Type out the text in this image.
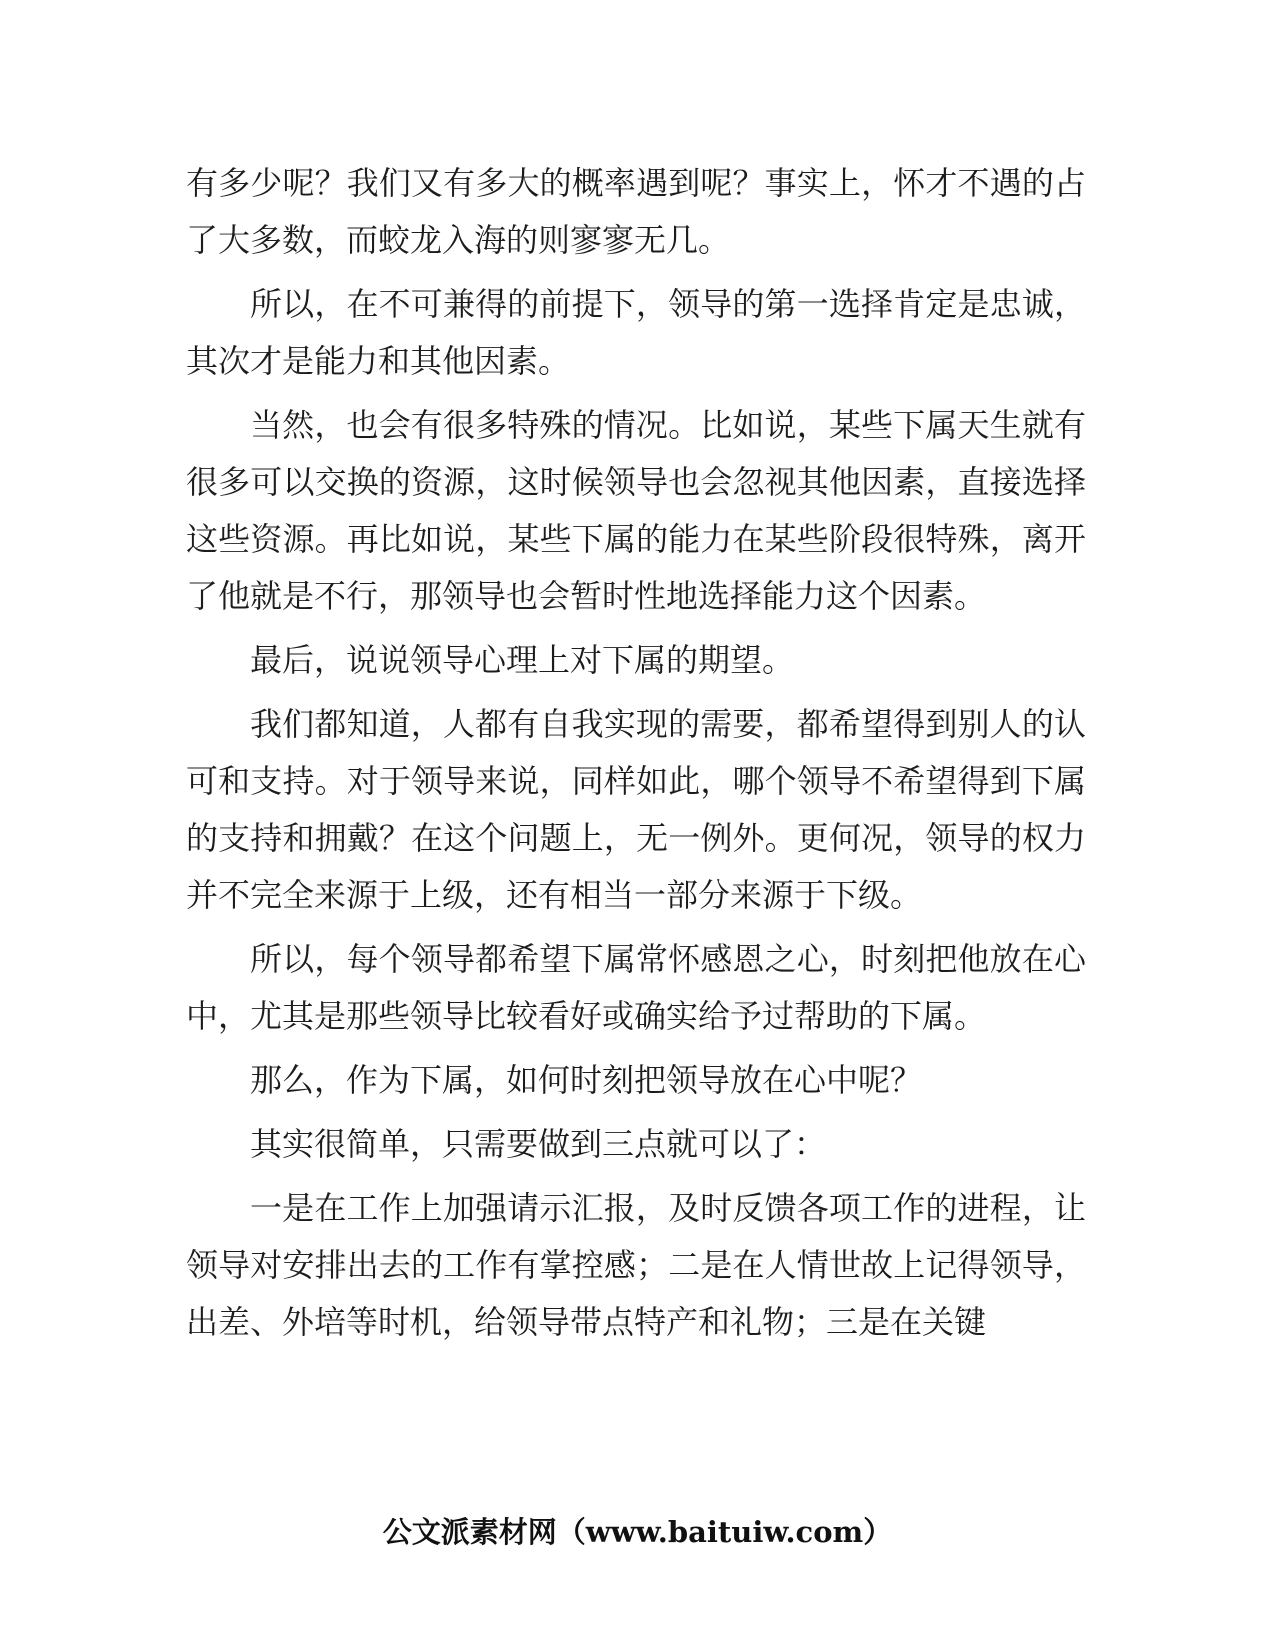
有多少呢？我们又有多大的概率遇到呢？事实上，怀才不遇的占了大多数，而蛟龙入海的则寥寥无几。

所以，在不可兼得的前提下，领导的第一选择肯定是忠诚，其次才是能力和其他因素。

当然，也会有很多特殊的情况。比如说，某些下属天生就有很多可以交换的资源，这时候领导也会忽视其他因素，直接选择这些资源。再比如说，某些下属的能力在某些阶段很特殊，离开了他就是不行，那领导也会暂时性地选择能力这个因素。

最后，说说领导心理上对下属的期望。

我们都知道，人都有自我实现的需要，都希望得到别人的认可和支持。对于领导来说，同样如此，哪个领导不希望得到下属的支持和拥戴？在这个问题上，无一例外。更何况，领导的权力并不完全来源于上级，还有相当一部分来源于下级。

所以，每个领导都希望下属常怀感恩之心，时刻把他放在心中，尤其是那些领导比较看好或确实给予过帮助的下属。

那么，作为下属，如何时刻把领导放在心中呢？

其实很简单，只需要做到三点就可以了：

一是在工作上加强请示汇报，及时反馈各项工作的进程，让领导对安排出去的工作有掌控感；二是在人情世故上记得领导，出差、外培等时机，给领导带点特产和礼物；三是在关键

公文派素材网（www.baituiw.com）
